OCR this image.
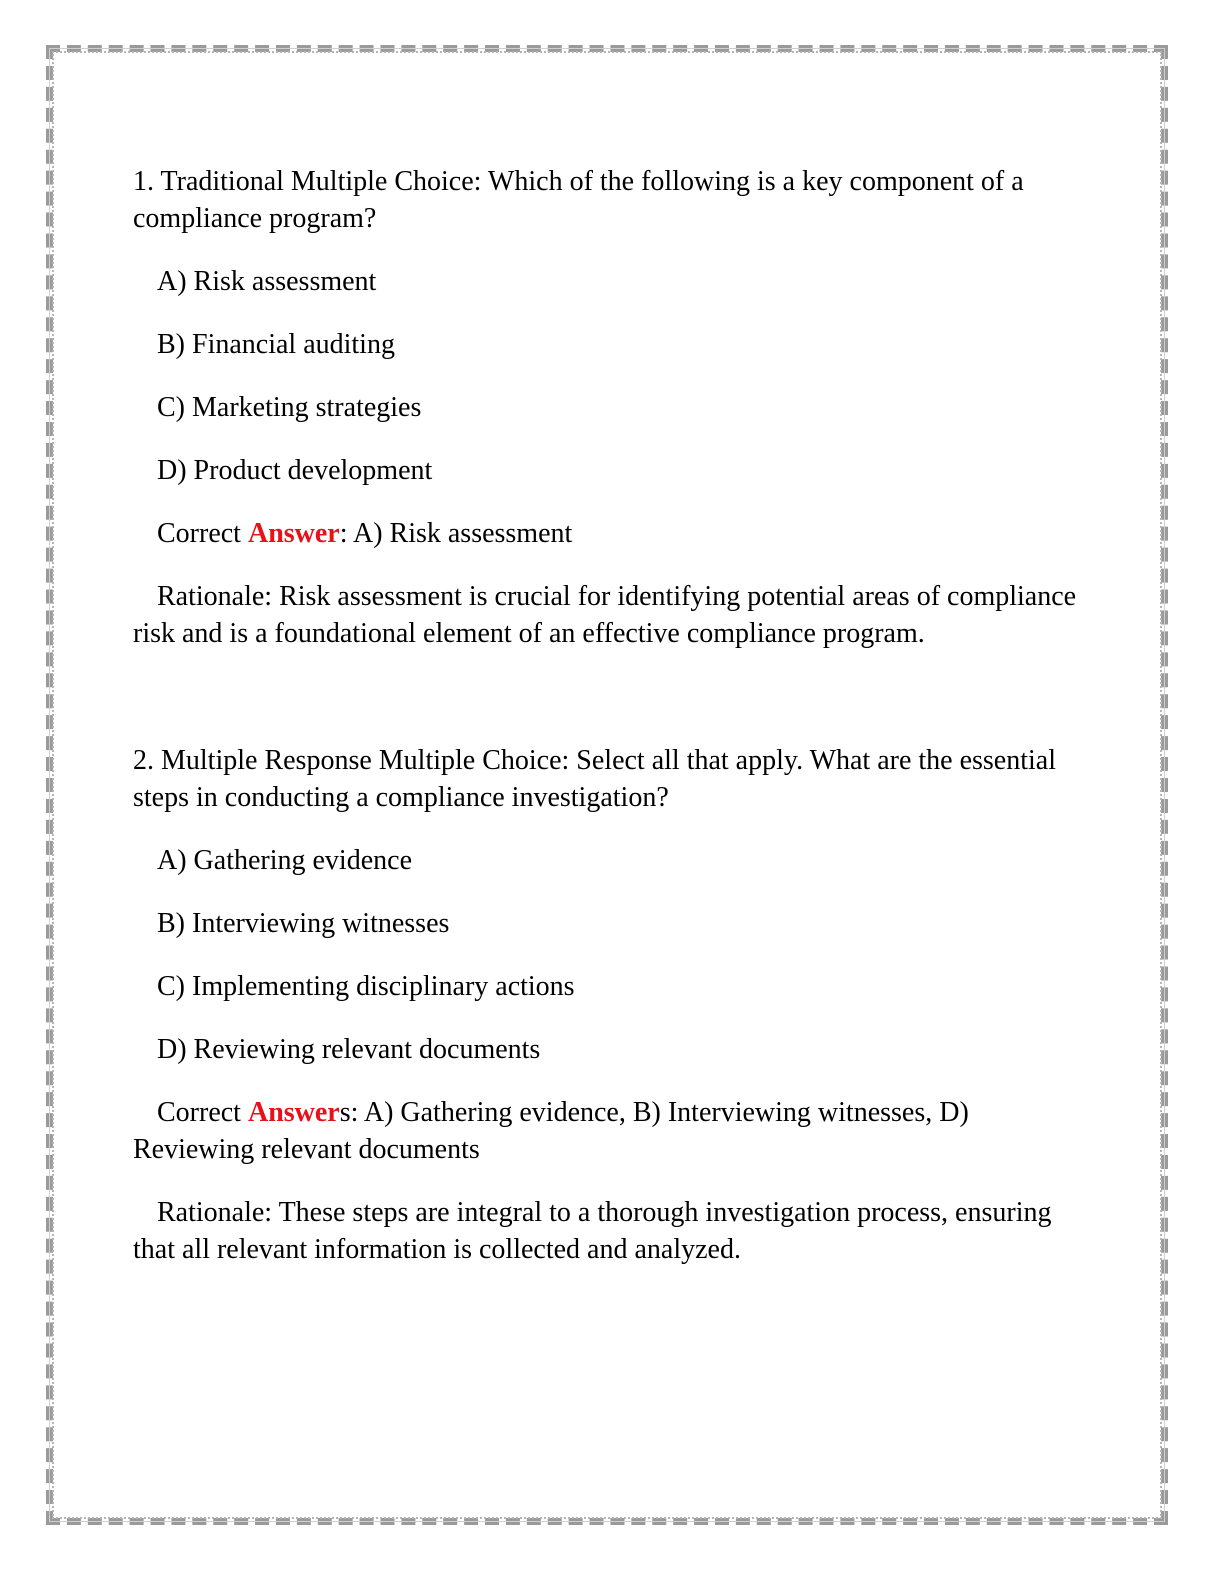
1. Traditional Multiple Choice: Which of the following is a key component of a compliance program?

A) Risk assessment

B) Financial auditing

C) Marketing strategies

D) Product development

Correct Answer: A) Risk assessment

Rationale: Risk assessment is crucial for identifying potential areas of compliance risk and is a foundational element of an effective compliance program.

2. Multiple Response Multiple Choice: Select all that apply. What are the essential steps in conducting a compliance investigation?

A) Gathering evidence

B) Interviewing witnesses

C) Implementing disciplinary actions

D) Reviewing relevant documents

Correct Answers: A) Gathering evidence, B) Interviewing witnesses, D) Reviewing relevant documents

Rationale: These steps are integral to a thorough investigation process, ensuring that all relevant information is collected and analyzed.
